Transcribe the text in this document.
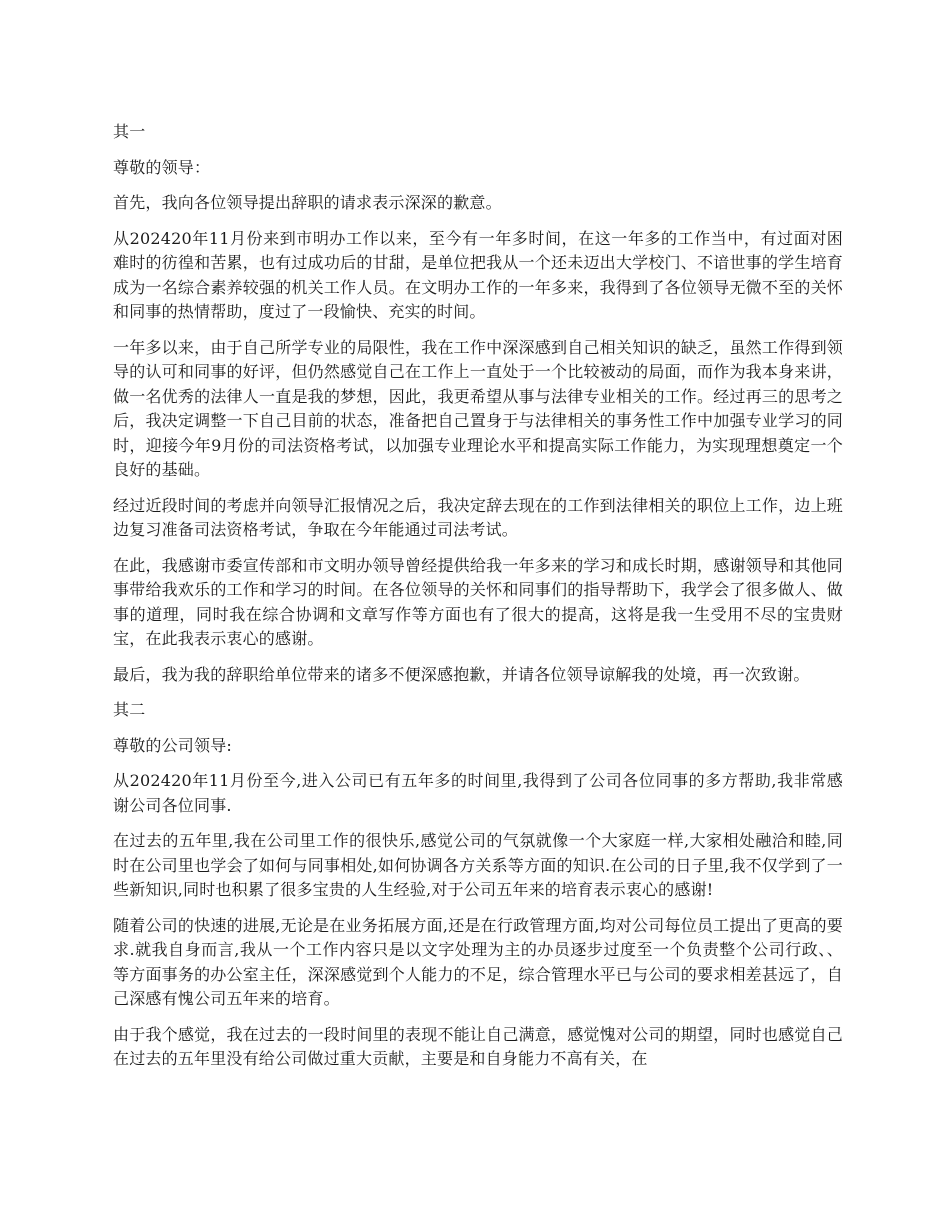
其一

尊敬的领导：

首先，我向各位领导提出辞职的请求表示深深的歉意。

从202420年11月份来到市明办工作以来，至今有一年多时间，在这一年多的工作当中，有过面对困难时的彷徨和苦累，也有过成功后的甘甜，是单位把我从一个还未迈出大学校门、不谙世事的学生培育成为一名综合素养较强的机关工作人员。在文明办工作的一年多来，我得到了各位领导无微不至的关怀和同事的热情帮助，度过了一段愉快、充实的时间。

一年多以来，由于自己所学专业的局限性，我在工作中深深感到自己相关知识的缺乏，虽然工作得到领导的认可和同事的好评，但仍然感觉自己在工作上一直处于一个比较被动的局面，而作为我本身来讲，做一名优秀的法律人一直是我的梦想，因此，我更希望从事与法律专业相关的工作。经过再三的思考之后，我决定调整一下自己目前的状态，准备把自己置身于与法律相关的事务性工作中加强专业学习的同时，迎接今年9月份的司法资格考试，以加强专业理论水平和提高实际工作能力，为实现理想奠定一个良好的基础。

经过近段时间的考虑并向领导汇报情况之后，我决定辞去现在的工作到法律相关的职位上工作，边上班边复习准备司法资格考试，争取在今年能通过司法考试。

在此，我感谢市委宣传部和市文明办领导曾经提供给我一年多来的学习和成长时期，感谢领导和其他同事带给我欢乐的工作和学习的时间。在各位领导的关怀和同事们的指导帮助下，我学会了很多做人、做事的道理，同时我在综合协调和文章写作等方面也有了很大的提高，这将是我一生受用不尽的宝贵财宝，在此我表示衷心的感谢。

最后，我为我的辞职给单位带来的诸多不便深感抱歉，并请各位领导谅解我的处境，再一次致谢。

其二

尊敬的公司领导:

从202420年11月份至今,进入公司已有五年多的时间里,我得到了公司各位同事的多方帮助,我非常感谢公司各位同事.

在过去的五年里,我在公司里工作的很快乐,感觉公司的气氛就像一个大家庭一样,大家相处融洽和睦,同时在公司里也学会了如何与同事相处,如何协调各方关系等方面的知识.在公司的日子里,我不仅学到了一些新知识,同时也积累了很多宝贵的人生经验,对于公司五年来的培育表示衷心的感谢!

随着公司的快速的进展,无论是在业务拓展方面,还是在行政管理方面,均对公司每位员工提出了更高的要求.就我自身而言,我从一个工作内容只是以文字处理为主的办员逐步过度至一个负责整个公司行政、、等方面事务的办公室主任，深深感觉到个人能力的不足，综合管理水平已与公司的要求相差甚远了，自己深感有愧公司五年来的培育。

由于我个感觉，我在过去的一段时间里的表现不能让自己满意，感觉愧对公司的期望，同时也感觉自己在过去的五年里没有给公司做过重大贡献，主要是和自身能力不高有关，在
